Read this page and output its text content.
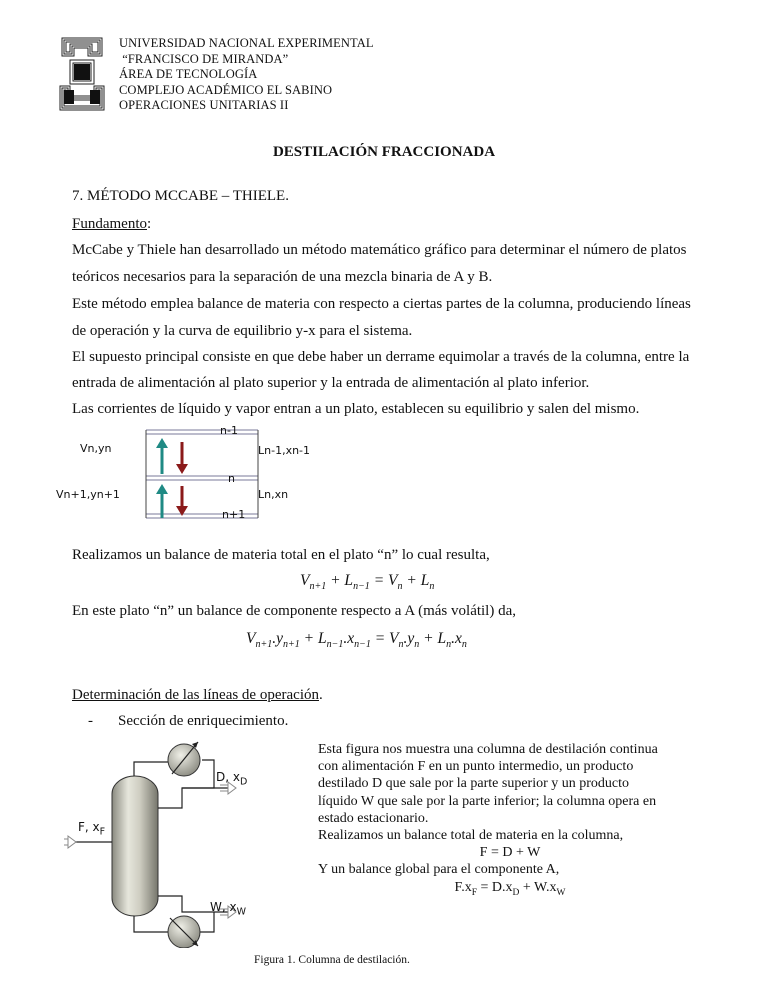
UNIVERSIDAD NACIONAL EXPERIMENTAL
“FRANCISCO DE MIRANDA”
ÁREA DE TECNOLOGÍA
COMPLEJO ACADÉMICO EL SABINO
OPERACIONES UNITARIAS II
DESTILACIÓN FRACCIONADA
7. MÉTODO MCCABE – THIELE.
Fundamento:
McCabe y Thiele han desarrollado un método matemático gráfico para determinar el número de platos
teóricos necesarios para la separación de una mezcla binaria de A y B.
Este método emplea balance de materia con respecto a ciertas partes de la columna, produciendo líneas
de operación y la curva de equilibrio y-x para el sistema.
El supuesto principal consiste en que debe haber un derrame equimolar a través de la columna, entre la
entrada de alimentación al plato superior y la entrada de alimentación al plato inferior.
Las corrientes de líquido y vapor entran a un plato, establecen su equilibrio y salen del mismo.
n-1
n
n+1
Vn,yn
Vn+1,yn+1
Ln-1,xn-1
Ln,xn
Realizamos un balance de materia total en el plato “n” lo cual resulta,
$V_{n+1} + L_{n-1} = V_n + L_n$
En este plato “n” un balance de componente respecto a A (más volátil) da,
$V_{n+1}.y_{n+1} + L_{n-1}.x_{n-1} = V_n.y_n + L_n.x_n$
Determinación de las líneas de operación.
- Sección de enriquecimiento.
D, $x_D$
F, $x_F$
W, $x_W$
Figura 1. Columna de destilación.
Esta figura nos muestra una columna de destilación continua
con alimentación F en un punto intermedio, un producto
destilado D que sale por la parte superior y un producto
líquido W que sale por la parte inferior; la columna opera en
estado estacionario.
Realizamos un balance total de materia en la columna,
F = D + W
Y un balance global para el componente A,
$F.x_F = D.x_D + W.x_W$
